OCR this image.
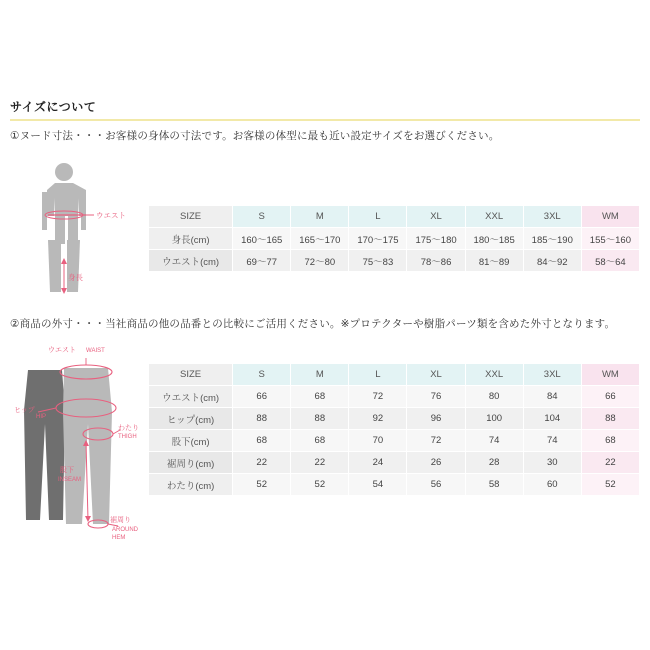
サイズについて
①ヌード寸法・・・お客様の身体の寸法です。お客様の体型に最も近い設定サイズをお選びください。
ウエスト
身長
SIZE	S	M	L	XL	XXL	3XL	WM
身長(cm)	160〜165	165〜170	170〜175	175〜180	180〜185	185〜190	155〜160
ウエスト(cm)	69〜77	72〜80	75〜83	78〜86	81〜89	84〜92	58〜64
②商品の外寸・・・当社商品の他の品番との比較にご活用ください。※プロテクターや樹脂パーツ類を含めた外寸となります。
ウエスト WAIST
ヒップ
HIP
わたり
THIGH
股下
INSEAM
裾周り
AROUND
HEM
SIZE	S	M	L	XL	XXL	3XL	WM
ウエスト(cm)	66	68	72	76	80	84	66
ヒップ(cm)	88	88	92	96	100	104	88
股下(cm)	68	68	70	72	74	74	68
裾周り(cm)	22	22	24	26	28	30	22
わたり(cm)	52	52	54	56	58	60	52
